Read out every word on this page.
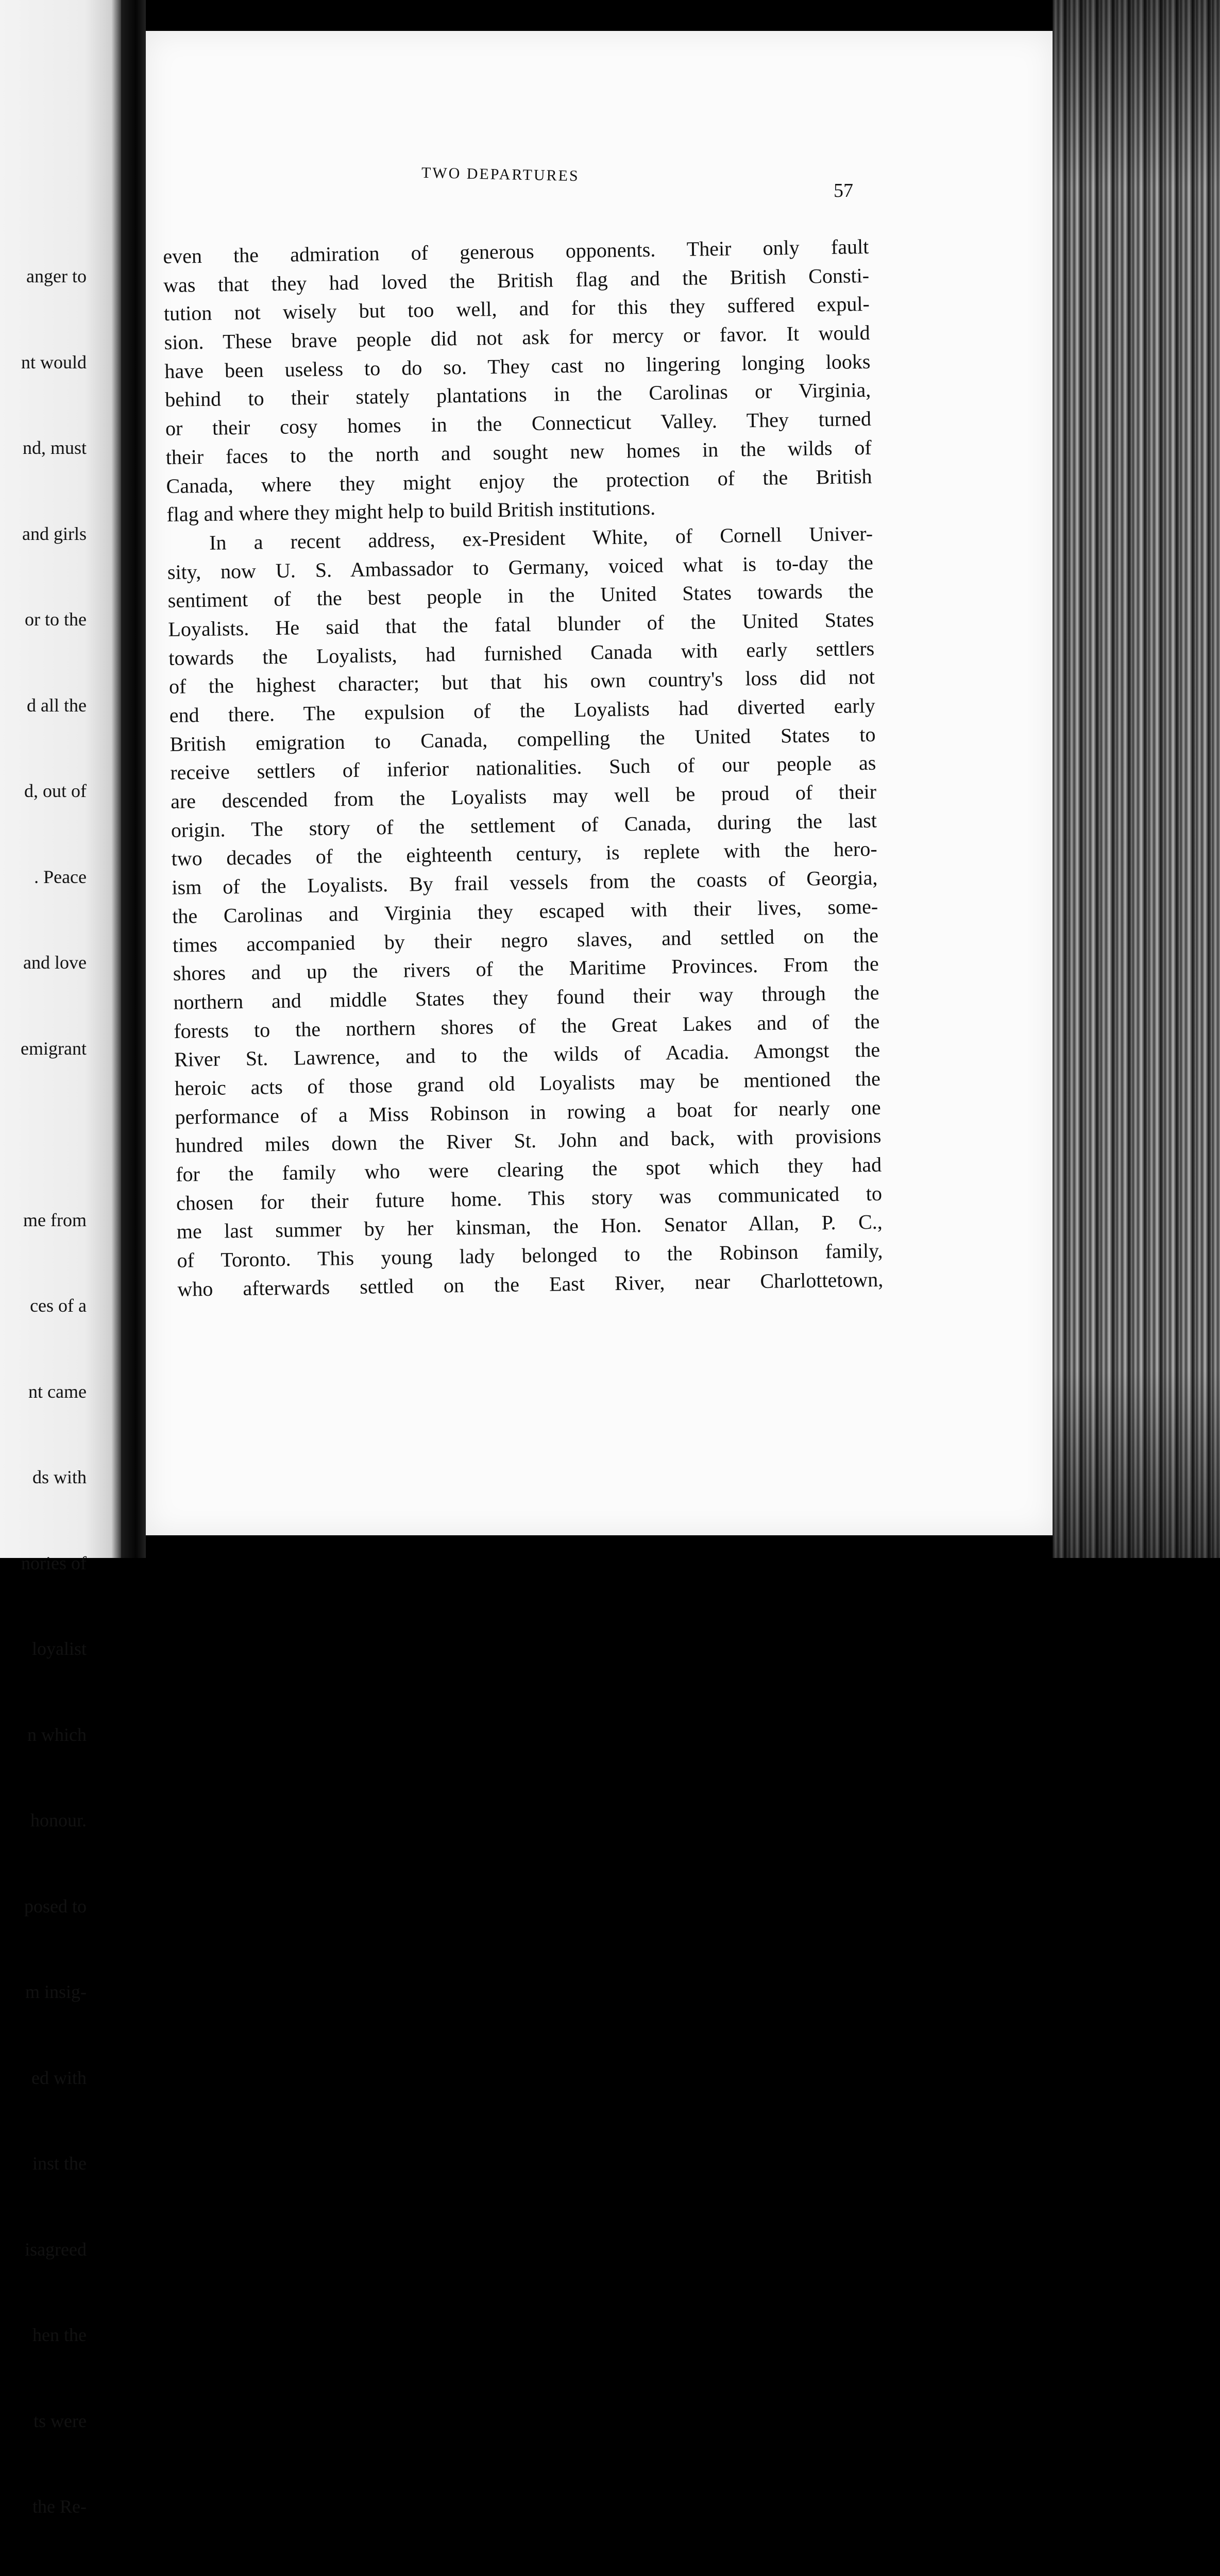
anger to

nt would

nd, must

and girls

or to the

d all the

d, out of

. Peace

and love

emigrant

me from

ces of a

nt came

ds with

nories of

loyalist

n which

honour.

posed to

m insig-

ed with

inst the

isagreed

hen the

ts were

the Re-

TWO DEPARTURES
57
even the admiration of generous opponents. Their only fault
was that they had loved the British flag and the British Consti-
tution not wisely but too well, and for this they suffered expul-
sion. These brave people did not ask for mercy or favor. It would
have been useless to do so. They cast no lingering longing looks
behind to their stately plantations in the Carolinas or Virginia,
or their cosy homes in the Connecticut Valley. They turned
their faces to the north and sought new homes in the wilds of
Canada, where they might enjoy the protection of the British
flag and where they might help to build British institutions.
In a recent address, ex-President White, of Cornell Univer-
sity, now U. S. Ambassador to Germany, voiced what is to-day the
sentiment of the best people in the United States towards the
Loyalists. He said that the fatal blunder of the United States
towards the Loyalists, had furnished Canada with early settlers
of the highest character; but that his own country's loss did not
end there. The expulsion of the Loyalists had diverted early
British emigration to Canada, compelling the United States to
receive settlers of inferior nationalities. Such of our people as
are descended from the Loyalists may well be proud of their
origin. The story of the settlement of Canada, during the last
two decades of the eighteenth century, is replete with the hero-
ism of the Loyalists. By frail vessels from the coasts of Georgia,
the Carolinas and Virginia they escaped with their lives, some-
times accompanied by their negro slaves, and settled on the
shores and up the rivers of the Maritime Provinces. From the
northern and middle States they found their way through the
forests to the northern shores of the Great Lakes and of the
River St. Lawrence, and to the wilds of Acadia. Amongst the
heroic acts of those grand old Loyalists may be mentioned the
performance of a Miss Robinson in rowing a boat for nearly one
hundred miles down the River St. John and back, with provisions
for the family who were clearing the spot which they had
chosen for their future home. This story was communicated to
me last summer by her kinsman, the Hon. Senator Allan, P. C.,
of Toronto. This young lady belonged to the Robinson family,
who afterwards settled on the East River, near Charlottetown,
